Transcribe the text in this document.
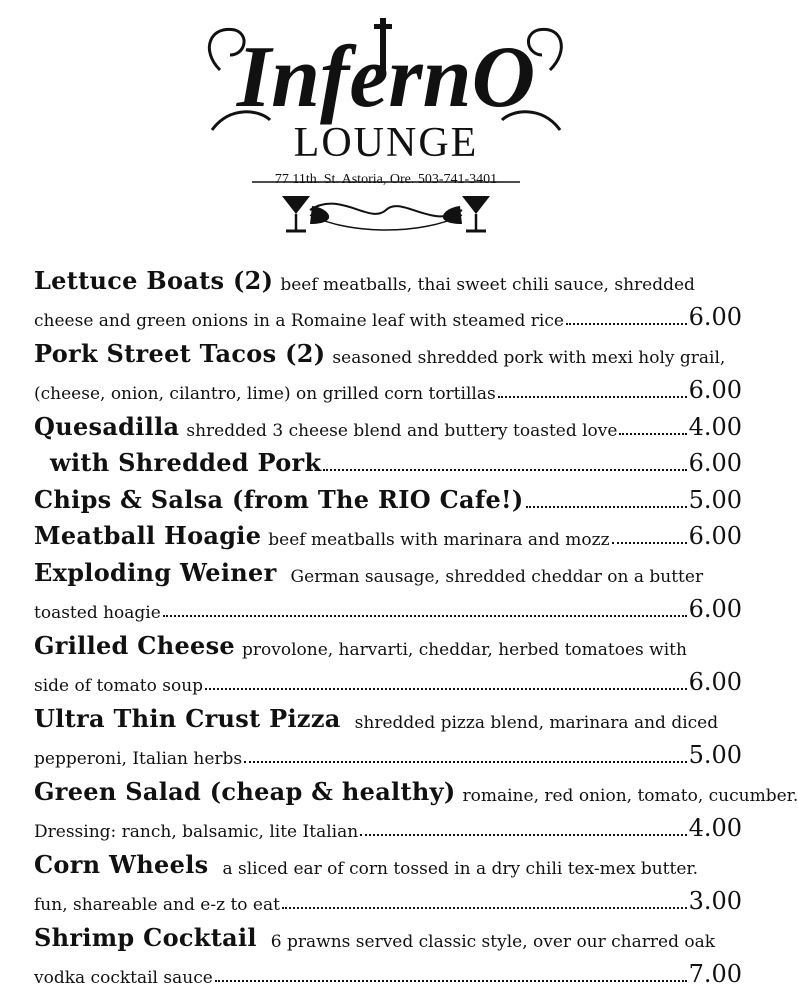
InfernO
LOUNGE
77 11th. St. Astoria, Ore. 503-741-3401
Lettuce Boats (2) beef meatballs, thai sweet chili sauce, shredded
cheese and green onions in a Romaine leaf with steamed rice	6.00
Pork Street Tacos (2) seasoned shredded pork with mexi holy grail,
(cheese, onion, cilantro, lime) on grilled corn tortillas	6.00
Quesadilla shredded 3 cheese blend and buttery toasted love	4.00
with Shredded Pork	6.00
Chips & Salsa (from The RIO Cafe!)	5.00
Meatball Hoagie beef meatballs with marinara and mozz	6.00
Exploding Weiner German sausage, shredded cheddar on a butter
toasted hoagie	6.00
Grilled Cheese provolone, harvarti, cheddar, herbed tomatoes with
side of tomato soup	6.00
Ultra Thin Crust Pizza shredded pizza blend, marinara and diced
pepperoni, Italian herbs	5.00
Green Salad (cheap & healthy) romaine, red onion, tomato, cucumber.
Dressing: ranch, balsamic, lite Italian	4.00
Corn Wheels a sliced ear of corn tossed in a dry chili tex-mex butter.
fun, shareable and e-z to eat	3.00
Shrimp Cocktail 6 prawns served classic style, over our charred oak
vodka cocktail sauce	7.00
